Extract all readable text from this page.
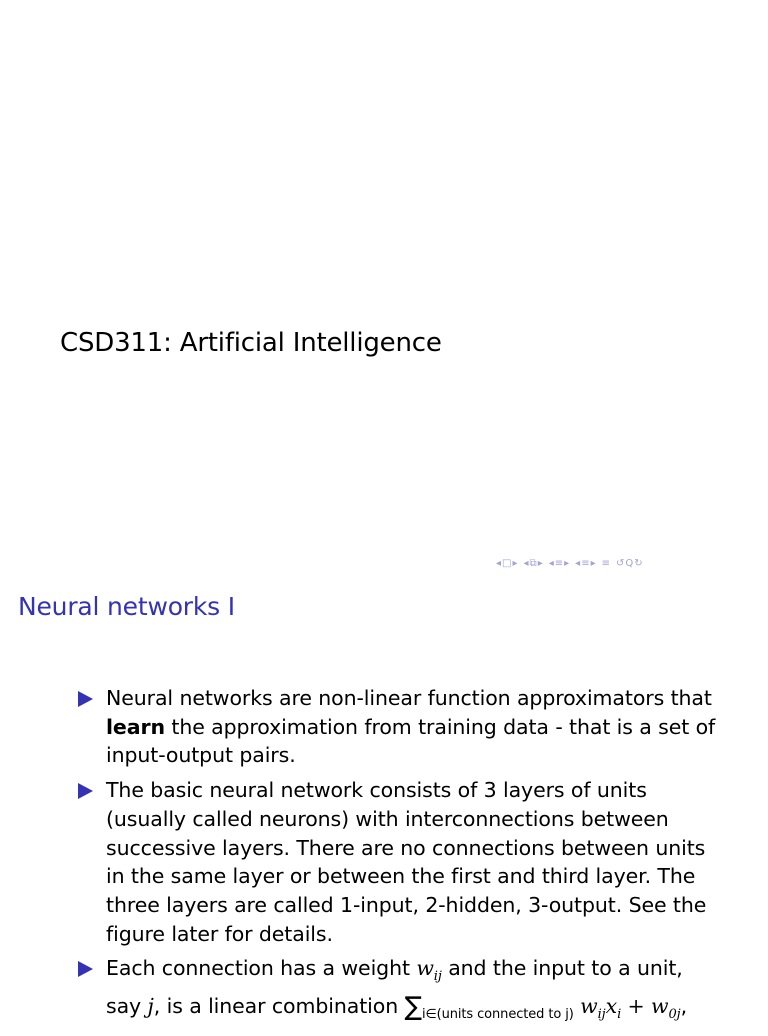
CSD311: Artificial Intelligence
◂ □ ▸ ◂ ⧉ ▸ ◂ ≡ ▸ ◂ ≡ ▸ ≡ ↺ Q ↻
Neural networks I
Neural networks are non-linear function approximators that learn the approximation from training data - that is a set of input-output pairs.
The basic neural network consists of 3 layers of units (usually called neurons) with interconnections between successive layers. There are no connections between units in the same layer or between the first and third layer. The three layers are called 1-input, 2-hidden, 3-output. See the figure later for details.
Each connection has a weight $w_{ij}$ and the input to a unit, say j, is a linear combination $\sum_{i\in(units connected to j)}$ $w_{ij}x_i + w_{0j}$,
